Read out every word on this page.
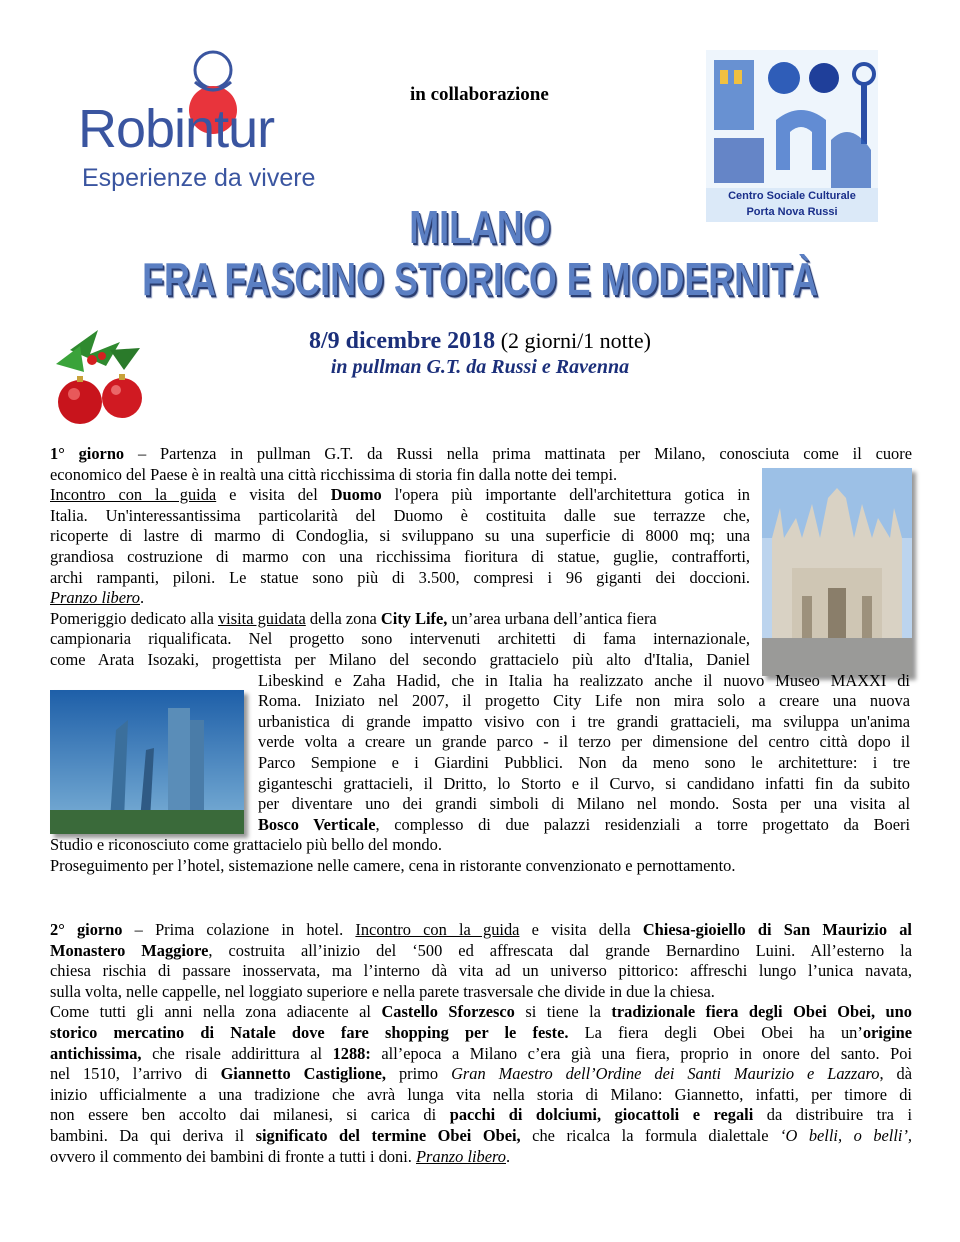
Robintur
Esperienze da vivere
in collaborazione
Centro Sociale Culturale
Porta Nova Russi
MILANO
FRA FASCINO STORICO E MODERNITÀ
8/9 dicembre 2018 (2 giorni/1 notte)
in pullman G.T. da Russi e Ravenna
1° giorno – Partenza in pullman G.T. da Russi nella prima mattinata per Milano, conosciuta come il cuore
economico del Paese è in realtà una città ricchissima di storia fin dalla notte dei tempi.
Incontro con la guida e visita del Duomo l'opera più importante dell'architettura gotica in
Italia. Un'interessantissima particolarità del Duomo è costituita dalle sue terrazze che,
ricoperte di lastre di marmo di Condoglia, si sviluppano su una superficie di 8000 mq; una
grandiosa costruzione di marmo con una ricchissima fioritura di statue, guglie, contrafforti,
archi rampanti, piloni. Le statue sono più di 3.500, compresi i 96 giganti dei doccioni.
Pranzo libero.
Pomeriggio dedicato alla visita guidata della zona City Life, un’area urbana dell’antica fiera
campionaria riqualificata. Nel progetto sono intervenuti architetti di fama internazionale,
come Arata Isozaki, progettista per Milano del secondo grattacielo più alto d'Italia, Daniel
Libeskind e Zaha Hadid, che in Italia ha realizzato anche il nuovo Museo MAXXI di
Roma. Iniziato nel 2007, il progetto City Life non mira solo a creare una nuova
urbanistica di grande impatto visivo con i tre grandi grattacieli, ma sviluppa un'anima
verde volta a creare un grande parco - il terzo per dimensione del centro città dopo il
Parco Sempione e i Giardini Pubblici. Non da meno sono le architetture: i tre
giganteschi grattacieli, il Dritto, lo Storto e il Curvo, si candidano infatti fin da subito
per diventare uno dei grandi simboli di Milano nel mondo. Sosta per una visita al
Bosco Verticale, complesso di due palazzi residenziali a torre progettato da Boeri
Studio e riconosciuto come grattacielo più bello del mondo.
Proseguimento per l’hotel, sistemazione nelle camere, cena in ristorante convenzionato e pernottamento.
2° giorno – Prima colazione in hotel. Incontro con la guida e visita della Chiesa-gioiello di San Maurizio al
Monastero Maggiore, costruita all’inizio del ‘500 ed affrescata dal grande Bernardino Luini. All’esterno la
chiesa rischia di passare inosservata, ma l’interno dà vita ad un universo pittorico: affreschi lungo l’unica navata,
sulla volta, nelle cappelle, nel loggiato superiore e nella parete trasversale che divide in due la chiesa.
Come tutti gli anni nella zona adiacente al Castello Sforzesco si tiene la tradizionale fiera degli Obei Obei, uno
storico mercatino di Natale dove fare shopping per le feste. La fiera degli Obei Obei ha un’origine
antichissima, che risale addirittura al 1288: all’epoca a Milano c’era già una fiera, proprio in onore del santo. Poi
nel 1510, l’arrivo di Giannetto Castiglione, primo Gran Maestro dell’Ordine dei Santi Maurizio e Lazzaro, dà
inizio ufficialmente a una tradizione che avrà lunga vita nella storia di Milano: Giannetto, infatti, per timore di
non essere ben accolto dai milanesi, si carica di pacchi di dolciumi, giocattoli e regali da distribuire tra i
bambini. Da qui deriva il significato del termine Obei Obei, che ricalca la formula dialettale ‘O belli, o belli’,
ovvero il commento dei bambini di fronte a tutti i doni. Pranzo libero.
